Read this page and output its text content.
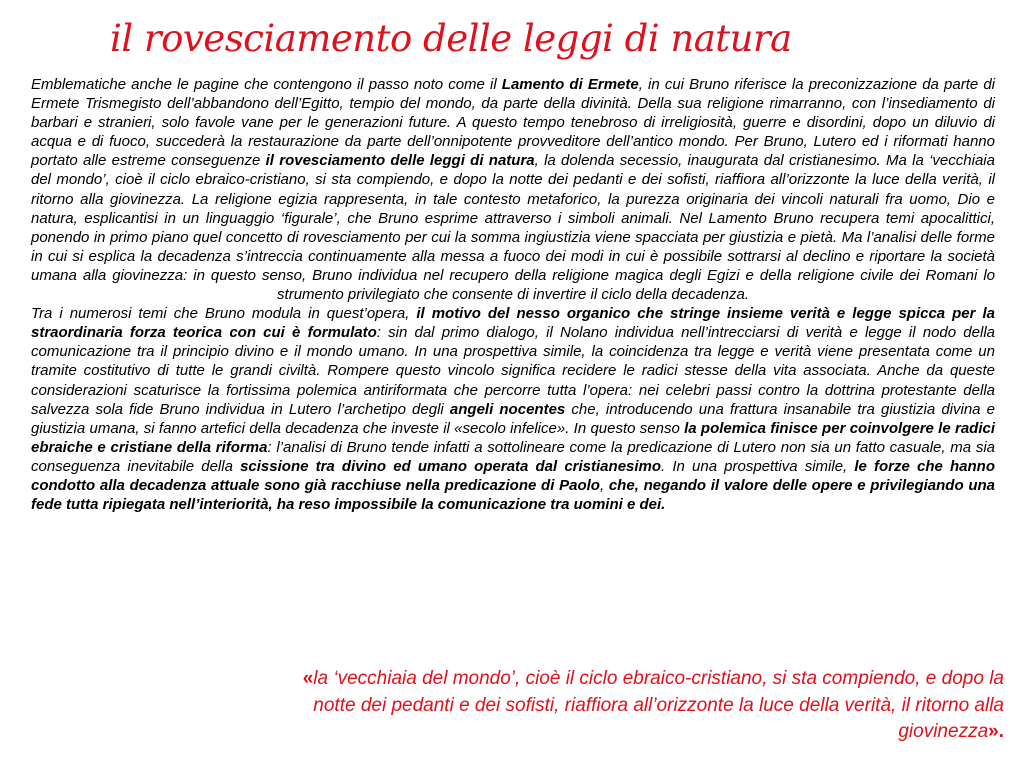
il rovesciamento delle leggi di natura

Emblematiche anche le pagine che contengono il passo noto come il Lamento di Ermete, in cui Bruno riferisce la preconizzazione da parte di Ermete Trismegisto dell’abbandono dell’Egitto, tempio del mondo, da parte della divinità. Della sua religione rimarranno, con l’insediamento di barbari e stranieri, solo favole vane per le generazioni future. A questo tempo tenebroso di irreligiosità, guerre e disordini, dopo un diluvio di acqua e di fuoco, succederà la restaurazione da parte dell’onnipotente provveditore dell’antico mondo. Per Bruno, Lutero ed i riformati hanno portato alle estreme conseguenze il rovesciamento delle leggi di natura, la dolenda secessio, inaugurata dal cristianesimo. Ma la ‘vecchiaia del mondo’, cioè il ciclo ebraico-cristiano, si sta compiendo, e dopo la notte dei pedanti e dei sofisti, riaffiora all’orizzonte la luce della verità, il ritorno alla giovinezza. La religione egizia rappresenta, in tale contesto metaforico, la purezza originaria dei vincoli naturali fra uomo, Dio e natura, esplicantisi in un linguaggio ‘figurale’, che Bruno esprime attraverso i simboli animali. Nel Lamento Bruno recupera temi apocalittici, ponendo in primo piano quel concetto di rovesciamento per cui la somma ingiustizia viene spacciata per giustizia e pietà. Ma l’analisi delle forme in cui si esplica la decadenza s’intreccia continuamente alla messa a fuoco dei modi in cui è possibile sottrarsi al declino e riportare la società umana alla giovinezza: in questo senso, Bruno individua nel recupero della religione magica degli Egizi e della religione civile dei Romani lo strumento privilegiato che consente di invertire il ciclo della decadenza.

Tra i numerosi temi che Bruno modula in quest’opera, il motivo del nesso organico che stringe insieme verità e legge spicca per la straordinaria forza teorica con cui è formulato: sin dal primo dialogo, il Nolano individua nell’intrecciarsi di verità e legge il nodo della comunicazione tra il principio divino e il mondo umano. In una prospettiva simile, la coincidenza tra legge e verità viene presentata come un tramite costitutivo di tutte le grandi civiltà. Rompere questo vincolo significa recidere le radici stesse della vita associata. Anche da queste considerazioni scaturisce la fortissima polemica antiriformata che percorre tutta l’opera: nei celebri passi contro la dottrina protestante della salvezza sola fide Bruno individua in Lutero l’archetipo degli angeli nocentes che, introducendo una frattura insanabile tra giustizia divina e giustizia umana, si fanno artefici della decadenza che investe il «secolo infelice». In questo senso la polemica finisce per coinvolgere le radici ebraiche e cristiane della riforma: l’analisi di Bruno tende infatti a sottolineare come la predicazione di Lutero non sia un fatto casuale, ma sia conseguenza inevitabile della scissione tra divino ed umano operata dal cristianesimo. In una prospettiva simile, le forze che hanno condotto alla decadenza attuale sono già racchiuse nella predicazione di Paolo, che, negando il valore delle opere e privilegiando una fede tutta ripiegata nell’interiorità, ha reso impossibile la comunicazione tra uomini e dei.

«la ‘vecchiaia del mondo’, cioè il ciclo ebraico-cristiano, si sta compiendo, e dopo la notte dei pedanti e dei sofisti, riaffiora all’orizzonte la luce della verità, il ritorno alla giovinezza».
